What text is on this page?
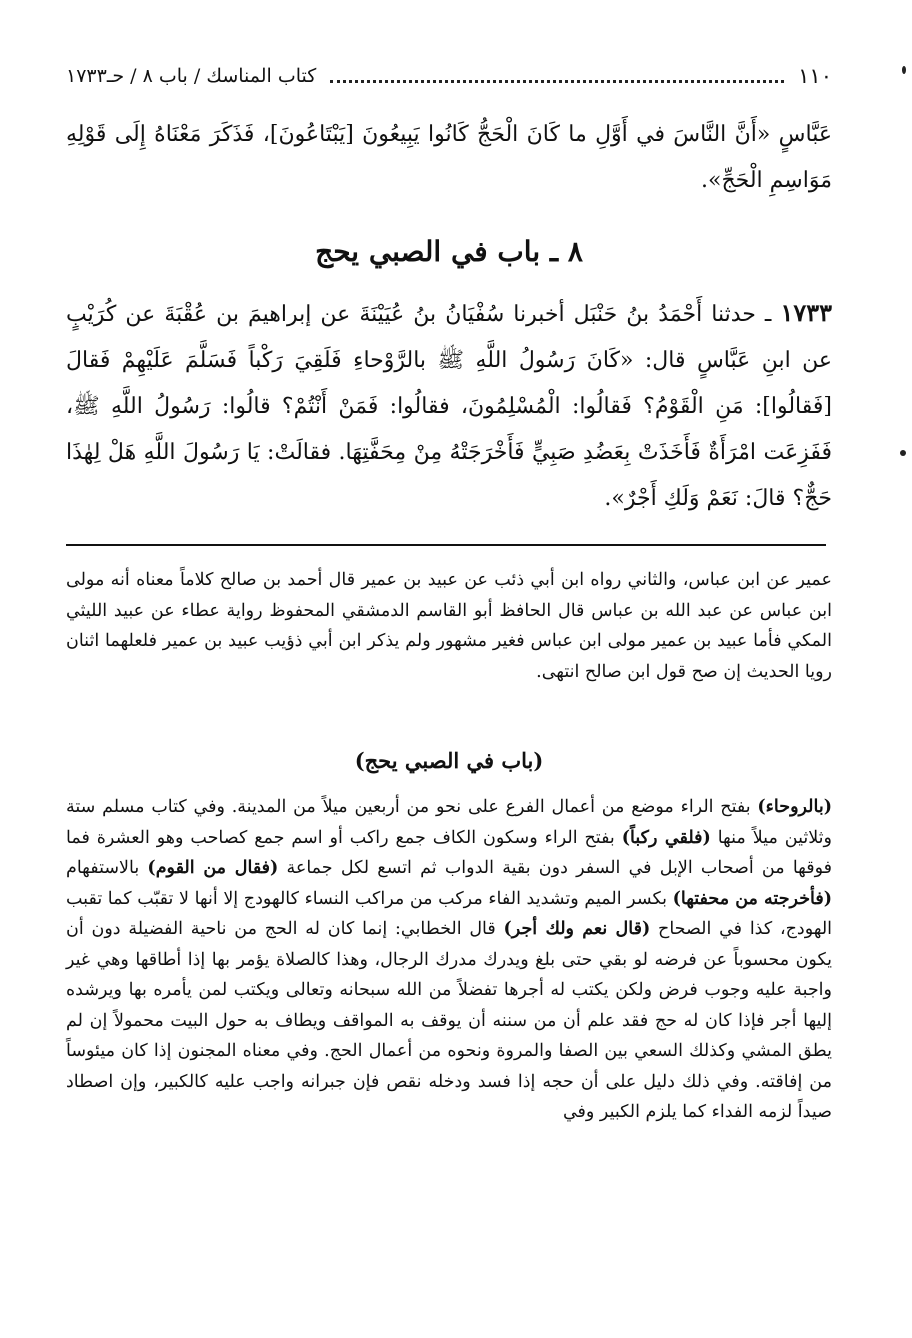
١١٠
كتاب المناسك / باب ٨ / حـ١٧٣٣
عَبَّاسٍ «أَنَّ النَّاسَ في أَوَّلِ ما كَانَ الْحَجُّ كَانُوا يَبِيعُونَ [يَبْتَاعُونَ]، فَذَكَرَ مَعْنَاهُ إِلَى قَوْلِهِ مَوَاسِمِ الْحَجِّ».
٨ ـ باب في الصبي يحج
١٧٣٣ ـ حدثنا أَحْمَدُ بنُ حَنْبَل أخبرنا سُفْيَانُ بنُ عُيَيْنَةَ عن إبراهيمَ بن عُقْبَةَ عن كُرَيْبٍ عن ابنِ عَبَّاسٍ قال: «كَانَ رَسُولُ اللَّهِ ﷺ بالرَّوْحاءِ فَلَقِيَ رَكْباً فَسَلَّمَ عَلَيْهِمْ فَقالَ [فَقالُوا]: مَنِ الْقَوْمُ؟ فَقالُوا: الْمُسْلِمُونَ، فقالُوا: فَمَنْ أَنْتُمْ؟ قالُوا: رَسُولُ اللَّهِ ﷺ، فَفَزِعَت امْرَأَةٌ فَأَخَذَتْ بِعَضُدِ صَبِيٍّ فَأَخْرَجَتْهُ مِنْ مِحَفَّتِهَا. فقالَتْ: يَا رَسُولَ اللَّهِ هَلْ لِهٰذَا حَجٌّ؟ قالَ: نَعَمْ وَلَكِ أَجْرٌ».
عمير عن ابن عباس، والثاني رواه ابن أبي ذئب عن عبيد بن عمير قال أحمد بن صالح كلاماً معناه أنه مولى ابن عباس عن عبد الله بن عباس قال الحافظ أبو القاسم الدمشقي المحفوظ رواية عطاء عن عبيد الليثي المكي فأما عبيد بن عمير مولى ابن عباس فغير مشهور ولم يذكر ابن أبي ذؤيب عبيد بن عمير فلعلهما اثنان رويا الحديث إن صح قول ابن صالح انتهى.
(باب في الصبي يحج)
(بالروحاء) بفتح الراء موضع من أعمال الفرع على نحو من أربعين ميلاً من المدينة. وفي كتاب مسلم ستة وثلاثين ميلاً منها (فلقي ركباً) بفتح الراء وسكون الكاف جمع راكب أو اسم جمع كصاحب وهو العشرة فما فوقها من أصحاب الإبل في السفر دون بقية الدواب ثم اتسع لكل جماعة (فقال من القوم) بالاستفهام (فأخرجته من محفتها) بكسر الميم وتشديد الفاء مركب من مراكب النساء كالهودج إلا أنها لا تقبّب كما تقبب الهودج، كذا في الصحاح (قال نعم ولك أجر) قال الخطابي: إنما كان له الحج من ناحية الفضيلة دون أن يكون محسوباً عن فرضه لو بقي حتى بلغ ويدرك مدرك الرجال، وهذا كالصلاة يؤمر بها إذا أطاقها وهي غير واجبة عليه وجوب فرض ولكن يكتب له أجرها تفضلاً من الله سبحانه وتعالى ويكتب لمن يأمره بها ويرشده إليها أجر فإذا كان له حج فقد علم أن من سننه أن يوقف به المواقف ويطاف به حول البيت محمولاً إن لم يطق المشي وكذلك السعي بين الصفا والمروة ونحوه من أعمال الحج. وفي معناه المجنون إذا كان ميئوساً من إفاقته. وفي ذلك دليل على أن حجه إذا فسد ودخله نقص فإن جبرانه واجب عليه كالكبير، وإن اصطاد صيداً لزمه الفداء كما يلزم الكبير وفي
